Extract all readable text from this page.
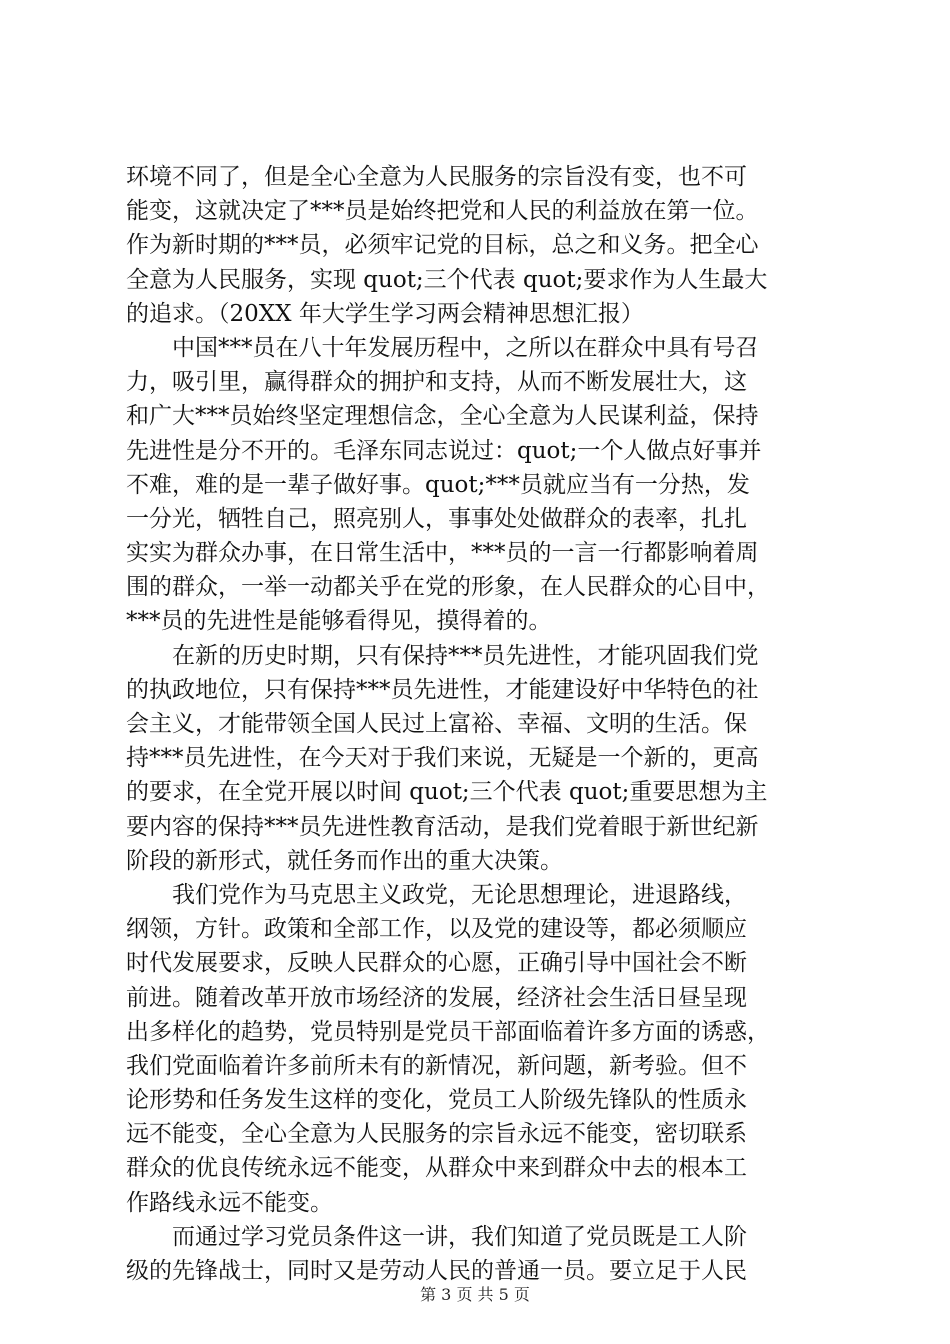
环境不同了，但是全心全意为人民服务的宗旨没有变，也不可
能变，这就决定了***员是始终把党和人民的利益放在第一位。
作为新时期的***员，必须牢记党的目标，总之和义务。把全心
全意为人民服务，实现 quot;三个代表 quot;要求作为人生最大
的追求。（20XX 年大学生学习两会精神思想汇报）
　　中国***员在八十年发展历程中，之所以在群众中具有号召
力，吸引里，赢得群众的拥护和支持，从而不断发展壮大，这
和广大***员始终坚定理想信念，全心全意为人民谋利益，保持
先进性是分不开的。毛泽东同志说过：quot;一个人做点好事并
不难，难的是一辈子做好事。quot;***员就应当有一分热，发
一分光，牺牲自己，照亮别人，事事处处做群众的表率，扎扎
实实为群众办事，在日常生活中，***员的一言一行都影响着周
围的群众，一举一动都关乎在党的形象，在人民群众的心目中，
***员的先进性是能够看得见，摸得着的。
　　在新的历史时期，只有保持***员先进性，才能巩固我们党
的执政地位，只有保持***员先进性，才能建设好中华特色的社
会主义，才能带领全国人民过上富裕、幸福、文明的生活。保
持***员先进性，在今天对于我们来说，无疑是一个新的，更高
的要求，在全党开展以时间 quot;三个代表 quot;重要思想为主
要内容的保持***员先进性教育活动，是我们党着眼于新世纪新
阶段的新形式，就任务而作出的重大决策。
　　我们党作为马克思主义政党，无论思想理论，进退路线，
纲领，方针。政策和全部工作，以及党的建设等，都必须顺应
时代发展要求，反映人民群众的心愿，正确引导中国社会不断
前进。随着改革开放市场经济的发展，经济社会生活日昼呈现
出多样化的趋势，党员特别是党员干部面临着许多方面的诱惑，
我们党面临着许多前所未有的新情况，新问题，新考验。但不
论形势和任务发生这样的变化，党员工人阶级先锋队的性质永
远不能变，全心全意为人民服务的宗旨永远不能变，密切联系
群众的优良传统永远不能变，从群众中来到群众中去的根本工
作路线永远不能变。
　　而通过学习党员条件这一讲，我们知道了党员既是工人阶
级的先锋战士，同时又是劳动人民的普通一员。要立足于人民
第 3 页 共 5 页
